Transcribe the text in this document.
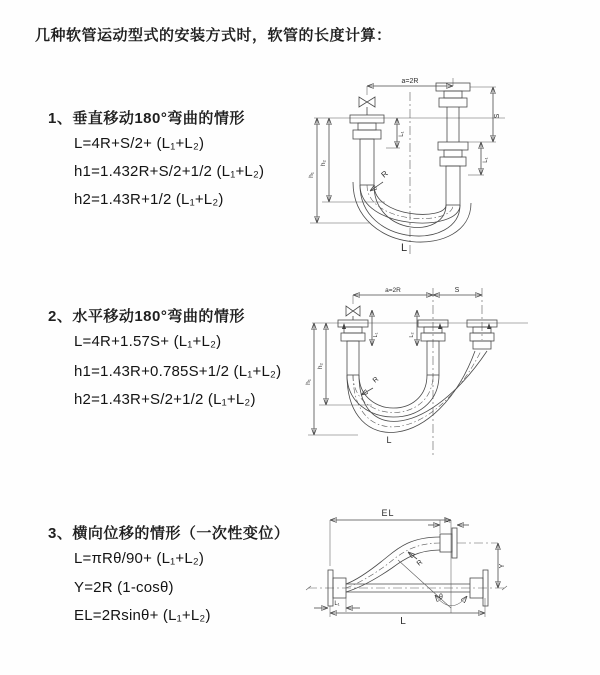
几种软管运动型式的安装方式时，软管的长度计算：
1、垂直移动180°弯曲的情形
L=4R+S/2+ (L₁+L₂)
h1=1.432R+S/2+1/2 (L₁+L₂)
h2=1.43R+1/2 (L₁+L₂)
2、水平移动180°弯曲的情形
L=4R+1.57S+ (L₁+L₂)
h1=1.43R+0.785S+1/2 (L₁+L₂)
h2=1.43R+S/2+1/2 (L₁+L₂)
3、横向位移的情形（一次性变位）
L=πRθ/90+ (L₁+L₂)
Y=2R (1-cosθ)
EL=2Rsinθ+ (L₁+L₂)
a=2R
h₁
h₂
L₁
S
L₁
R
L
a=2R	S
L₁	L₂
h₁
h₂
R
L
θ
R
EL
L₂
L₁
Y
L
